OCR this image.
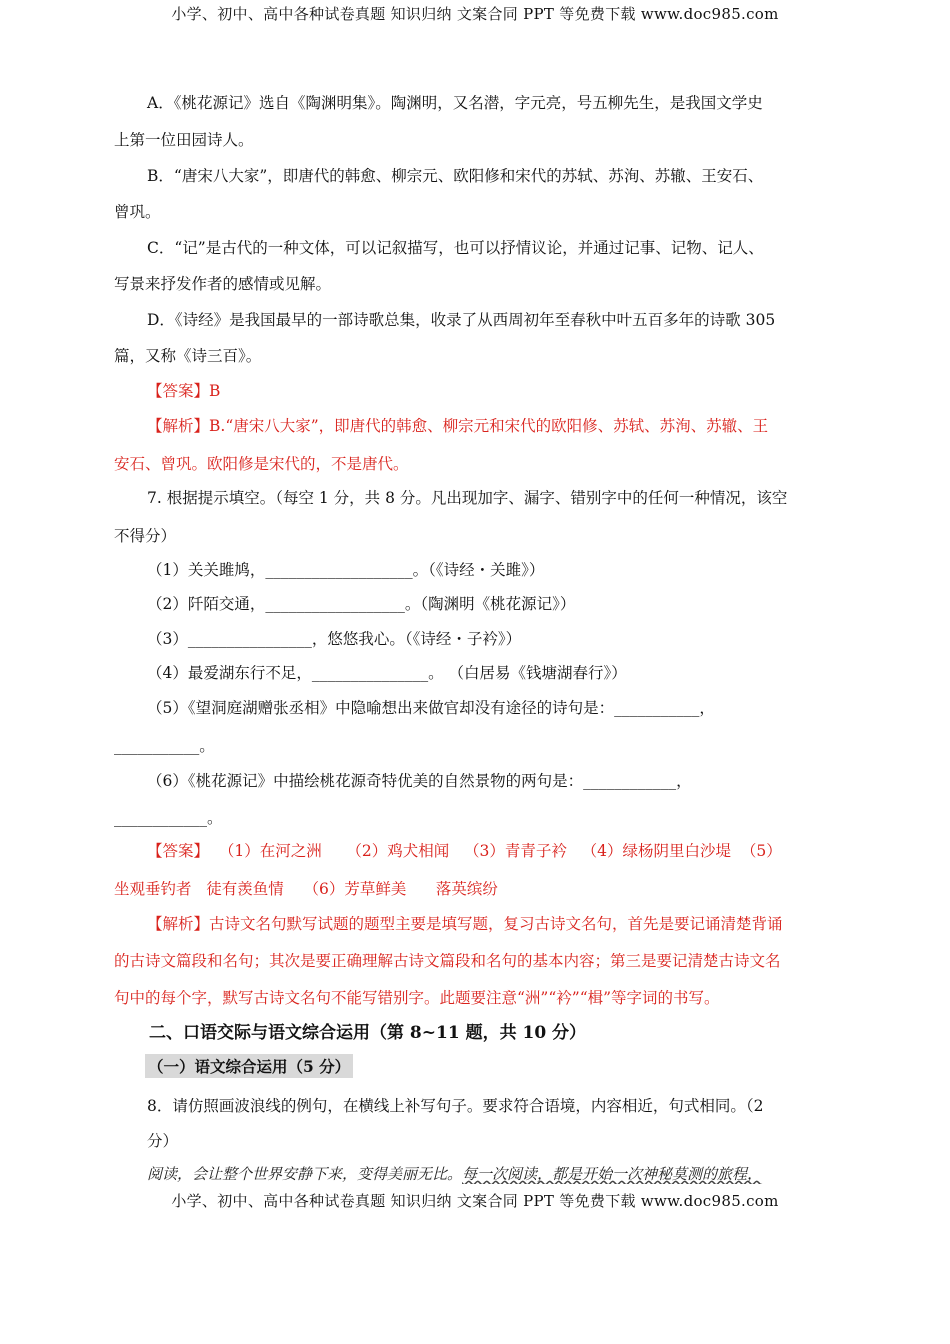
小学、初中、高中各种试卷真题 知识归纳 文案合同 PPT 等免费下载 www.doc985.com
A．《桃花源记》选自《陶渊明集》。陶渊明，又名潜，字元亮，号五柳先生，是我国文学史
上第一位田园诗人。
B．“唐宋八大家”，即唐代的韩愈、柳宗元、欧阳修和宋代的苏轼、苏洵、苏辙、王安石、
曾巩。
C．“记”是古代的一种文体，可以记叙描写，也可以抒情议论，并通过记事、记物、记人、
写景来抒发作者的感情或见解。
D．《诗经》是我国最早的一部诗歌总集，收录了从西周初年至春秋中叶五百多年的诗歌 305
篇，又称《诗三百》。
【答案】B
【解析】B.“唐宋八大家”，即唐代的韩愈、柳宗元和宋代的欧阳修、苏轼、苏洵、苏辙、王
安石、曾巩。欧阳修是宋代的，不是唐代。
7. 根据提示填空。（每空 1 分，共 8 分。凡出现加字、漏字、错别字中的任何一种情况，该空
不得分）
（1）关关雎鸠，___________________。（《诗经・关雎》）
（2）阡陌交通，__________________。（陶渊明《桃花源记》）
（3）________________，悠悠我心。（《诗经・子衿》）
（4）最爱湖东行不足，_______________。 （白居易《钱塘湖春行》）
（5）《望洞庭湖赠张丞相》中隐喻想出来做官却没有途径的诗句是：___________，
___________。
（6）《桃花源记》中描绘桃花源奇特优美的自然景物的两句是：____________，
____________。
【答案】  （1）在河之洲     （2）鸡犬相闻   （3）青青子衿   （4）绿杨阴里白沙堤  （5）
坐观垂钓者   徒有羡鱼情    （6）芳草鲜美      落英缤纷
【解析】古诗文名句默写试题的题型主要是填写题，复习古诗文名句，首先是要记诵清楚背诵
的古诗文篇段和名句；其次是要正确理解古诗文篇段和名句的基本内容；第三是要记清楚古诗文名
句中的每个字，默写古诗文名句不能写错别字。此题要注意“洲”“衿”“楫”等字词的书写。
二、口语交际与语文综合运用（第 8~11 题，共 10 分）
（一）语文综合运用（5 分）
8．请仿照画波浪线的例句，在横线上补写句子。要求符合语境，内容相近，句式相同。（2
分）
阅读，会让整个世界安静下来，变得美丽无比。每一次阅读，都是开始一次神秘莫测的旅程，
小学、初中、高中各种试卷真题 知识归纳 文案合同 PPT 等免费下载 www.doc985.com
